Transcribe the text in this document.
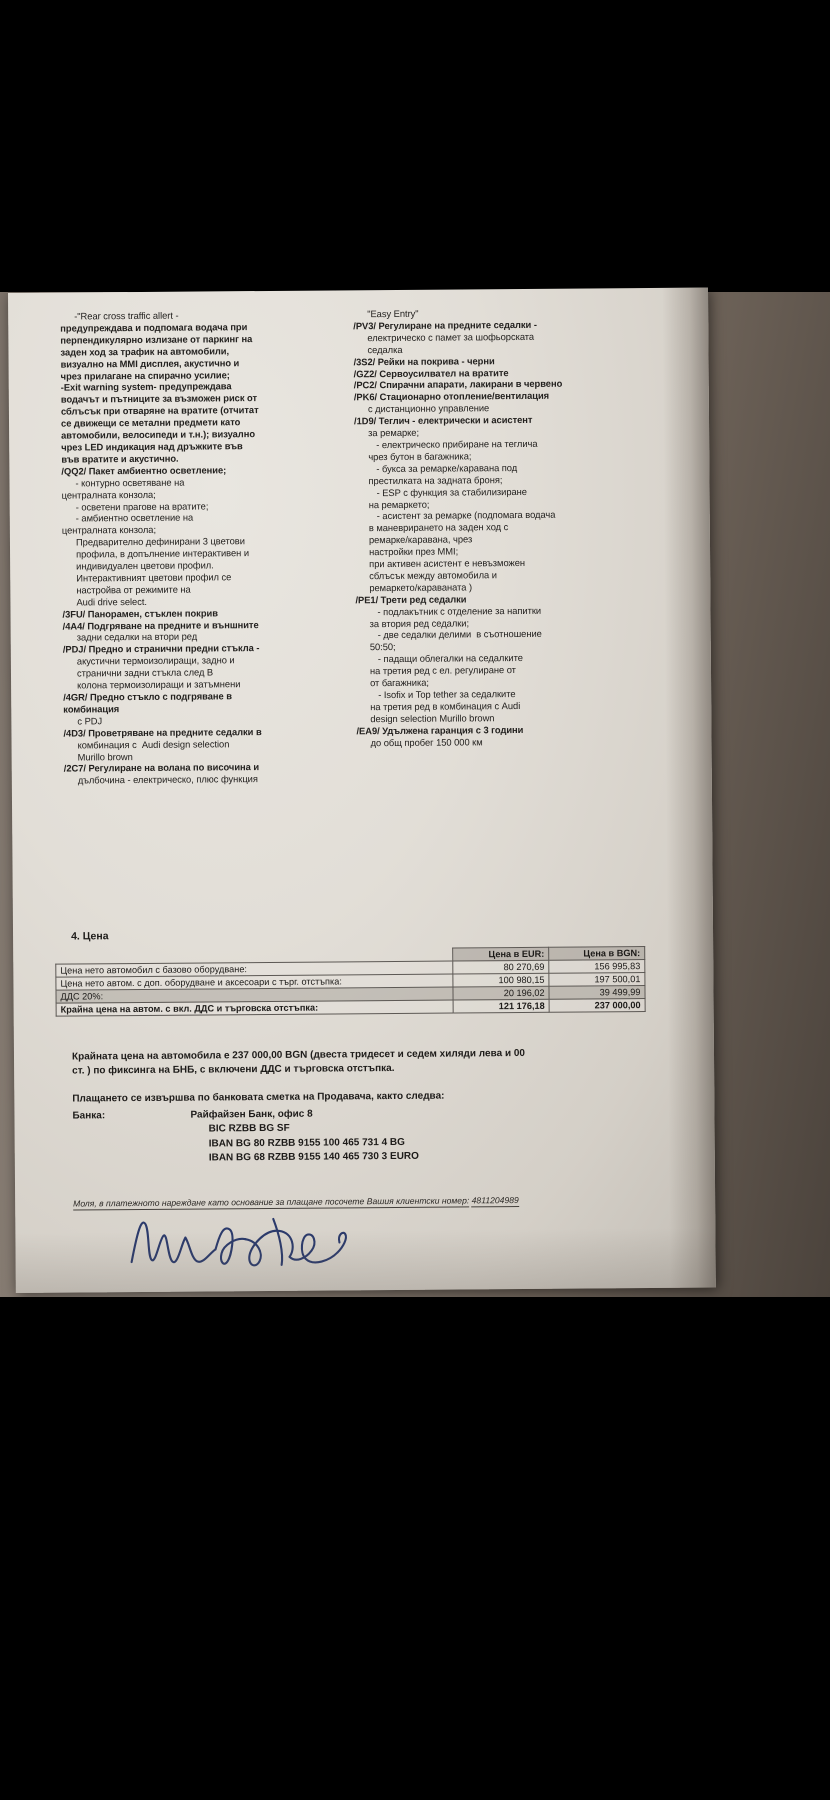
-"Rear cross traffic allert -
предупреждава и подпомага водача при
перпендикулярно излизане от паркинг на
заден ход за трафик на автомобили,
визуално на MMI дисплея, акустично и
чрез прилагане на спирачно усилие;
-Exit warning system- предупреждава
водачът и пътниците за възможен риск от
сблъсък при отваряне на вратите (отчитат
се движещи се метални предмети като
автомобили, велосипеди и т.н.); визуално
чрез LED индикация над дръжките във
във вратите и акустично.
/QQ2/ Пакет амбиентно осветление;
- контурно осветяване на
централната конзола;
- осветени прагове на вратите;
- амбиентно осветление на
централната конзола;
Предварително дефинирани 3 цветови
профила, в допълнение интерактивен и
индивидуален цветови профил.
Интерактивният цветови профил се
настройва от режимите на
Audi drive select.
/3FU/ Панорамен, стъклен покрив
/4A4/ Подгряване на предните и външните
задни седалки на втори ред
/PDJ/ Предно и странични предни стъкла -
акустични термоизолиращи, задно и
странични задни стъкла след В
колона термоизолиращи и затъмнени
/4GR/ Предно стъкло с подгряване в
комбинация
с PDJ
/4D3/ Проветряване на предните седалки в
комбинация с  Audi design selection
Murillo brown
/2C7/ Регулиране на волана по височина и
дълбочина - електрическо, плюс функция
"Easy Entry"
/PV3/ Регулиране на предните седалки -
електрическо с памет за шофьорската
седалка
/3S2/ Рейки на покрива - черни
/GZ2/ Сервоусилвател на вратите
/PC2/ Спирачни апарати, лакирани в червено
/PK6/ Стационарно отопление/вентилация
с дистанционно управление
/1D9/ Теглич - електрически и асистент
за ремарке;
- електрическо прибиране на теглича
чрез бутон в багажника;
- букса за ремарке/каравана под
престилката на задната броня;
- ESP с функция за стабилизиране
на ремаркето;
- асистент за ремарке (подпомага водача
в маневрирането на заден ход с
ремарке/каравана, чрез
настройки през MMI;
при активен асистент е невъзможен
сблъсък между автомобила и
ремаркето/караваната )
/PE1/ Трети ред седалки
- подлакътник с отделение за напитки
за втория ред седалки;
- две седалки делими  в съотношение
50:50;
- падащи облегалки на седалките
на третия ред с ел. регулиране от
от багажника;
- Isofix и Top tether за седалките
на третия ред в комбинация с Audi
design selection Murillo brown
/EA9/ Удължена гаранция с 3 години
до общ пробег 150 000 км
4. Цена
	Цена в EUR:	Цена в BGN:
Цена нето автомобил с базово оборудване:	80 270,69	156 995,83
Цена нето автом. с доп. оборудване и аксесоари с търг. отстъпка:	100 980,15	197 500,01
ДДС 20%:	20 196,02	39 499,99
Крайна цена на автом. с вкл. ДДС и търговска отстъпка:	121 176,18	237 000,00
Крайната цена на автомобила е 237 000,00 BGN (двеста тридесет и седем хиляди лева и 00
ст. ) по фиксинга на БНБ, с включени ДДС и търговска отстъпка.
Плащането се извършва по банковата сметка на Продавача, както следва:
Банка:	Райфайзен Банк, офис 8
BIC RZBB BG SF
IBAN BG 80 RZBB 9155 100 465 731 4 BG
IBAN BG 68 RZBB 9155 140 465 730 3 EURO
Моля, в платежното нареждане като основание за плащане посочете Вашия клиентски номер: 4811204989
